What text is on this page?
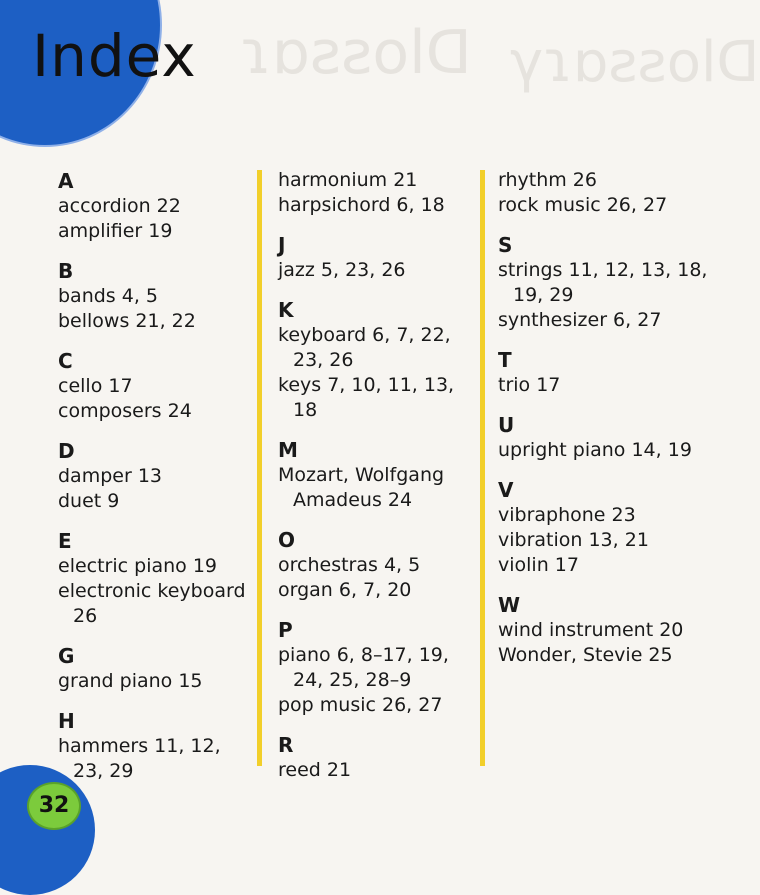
ɿɒƨƨolᗡ γɿɒƨƨolᗡ
Index
A
accordion 22
amplifier 19
B
bands 4, 5
bellows 21, 22
C
cello 17
composers 24
D
damper 13
duet 9
E
electric piano 19
electronic keyboard 26
G
grand piano 15
H
hammers 11, 12, 23, 29
harmonium 21
harpsichord 6, 18
J
jazz 5, 23, 26
K
keyboard 6, 7, 22, 23, 26
keys 7, 10, 11, 13, 18
M
Mozart, Wolfgang Amadeus 24
O
orchestras 4, 5
organ 6, 7, 20
P
piano 6, 8–17, 19, 24, 25, 28–9
pop music 26, 27
R
reed 21
rhythm 26
rock music 26, 27
S
strings 11, 12, 13, 18, 19, 29
synthesizer 6, 27
T
trio 17
U
upright piano 14, 19
V
vibraphone 23
vibration 13, 21
violin 17
W
wind instrument 20
Wonder, Stevie 25
32
